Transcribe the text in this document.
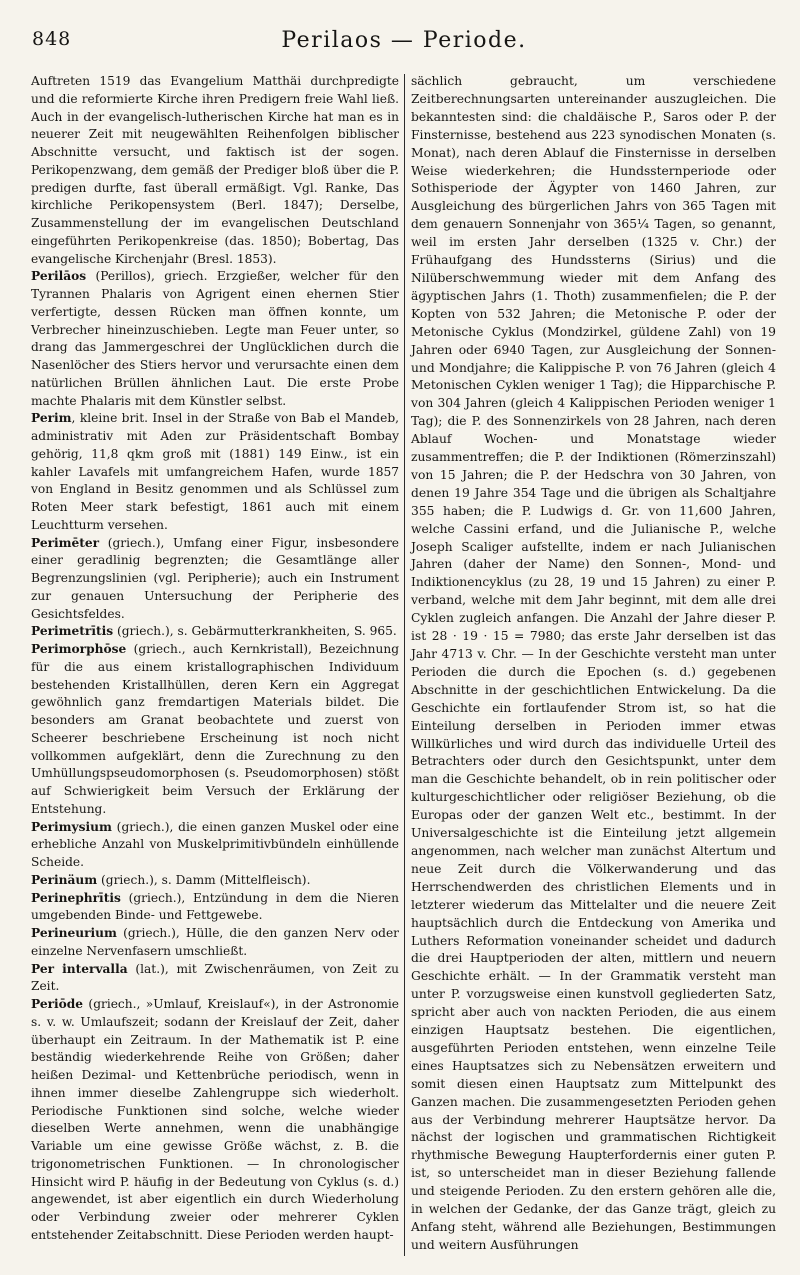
848	Perilaos — Periode.

Auftreten 1519 das Evangelium Matthäi durchpredigte und die reformierte Kirche ihren Predigern freie Wahl ließ. Auch in der evangelisch-lutherischen Kirche hat man es in neuerer Zeit mit neugewählten Reihenfolgen biblischer Abschnitte versucht, und faktisch ist der sogen. Perikopenzwang, dem gemäß der Prediger bloß über die P. predigen durfte, fast überall ermäßigt. Vgl. Ranke, Das kirchliche Perikopensystem (Berl. 1847); Derselbe, Zusammenstellung der im evangelischen Deutschland eingeführten Perikopenkreise (das. 1850); Bobertag, Das evangelische Kirchenjahr (Bresl. 1853).

Perilāos (Perillos), griech. Erzgießer, welcher für den Tyrannen Phalaris von Agrigent einen ehernen Stier verfertigte, dessen Rücken man öffnen konnte, um Verbrecher hineinzuschieben. Legte man Feuer unter, so drang das Jammergeschrei der Unglücklichen durch die Nasenlöcher des Stiers hervor und verursachte einen dem natürlichen Brüllen ähnlichen Laut. Die erste Probe machte Phalaris mit dem Künstler selbst.

Perim, kleine brit. Insel in der Straße von Bab el Mandeb, administrativ mit Aden zur Präsidentschaft Bombay gehörig, 11,8 qkm groß mit (1881) 149 Einw., ist ein kahler Lavafels mit umfangreichem Hafen, wurde 1857 von England in Besitz genommen und als Schlüssel zum Roten Meer stark befestigt, 1861 auch mit einem Leuchtturm versehen.

Perimēter (griech.), Umfang einer Figur, insbesondere einer geradlinig begrenzten; die Gesamtlänge aller Begrenzungslinien (vgl. Peripherie); auch ein Instrument zur genauen Untersuchung der Peripherie des Gesichtsfeldes.

Perimetrītis (griech.), s. Gebärmutterkrankheiten, S. 965.

Perimorphōse (griech., auch Kernkristall), Bezeichnung für die aus einem kristallographischen Individuum bestehenden Kristallhüllen, deren Kern ein Aggregat gewöhnlich ganz fremdartigen Materials bildet. Die besonders am Granat beobachtete und zuerst von Scheerer beschriebene Erscheinung ist noch nicht vollkommen aufgeklärt, denn die Zurechnung zu den Umhüllungspseudomorphosen (s. Pseudomorphosen) stößt auf Schwierigkeit beim Versuch der Erklärung der Entstehung.

Perimysium (griech.), die einen ganzen Muskel oder eine erhebliche Anzahl von Muskelprimitivbündeln einhüllende Scheide.

Perinäum (griech.), s. Damm (Mittelfleisch).

Perinephrītis (griech.), Entzündung in dem die Nieren umgebenden Binde- und Fettgewebe.

Perineurium (griech.), Hülle, die den ganzen Nerv oder einzelne Nervenfasern umschließt.

Per intervalla (lat.), mit Zwischenräumen, von Zeit zu Zeit.

Periōde (griech., »Umlauf, Kreislauf«), in der Astronomie s. v. w. Umlaufszeit; sodann der Kreislauf der Zeit, daher überhaupt ein Zeitraum. In der Mathematik ist P. eine beständig wiederkehrende Reihe von Größen; daher heißen Dezimal- und Kettenbrüche periodisch, wenn in ihnen immer dieselbe Zahlengruppe sich wiederholt. Periodische Funktionen sind solche, welche wieder dieselben Werte annehmen, wenn die unabhängige Variable um eine gewisse Größe wächst, z. B. die trigonometrischen Funktionen. — In chronologischer Hinsicht wird P. häufig in der Bedeutung von Cyklus (s. d.) angewendet, ist aber eigentlich ein durch Wiederholung oder Verbindung zweier oder mehrerer Cyklen entstehender Zeitabschnitt. Diese Perioden werden haupt-

sächlich gebraucht, um verschiedene Zeitberechnungsarten untereinander auszugleichen. Die bekanntesten sind: die chaldäische P., Saros oder P. der Finsternisse, bestehend aus 223 synodischen Monaten (s. Monat), nach deren Ablauf die Finsternisse in derselben Weise wiederkehren; die Hundssternperiode oder Sothisperiode der Ägypter von 1460 Jahren, zur Ausgleichung des bürgerlichen Jahrs von 365 Tagen mit dem genauern Sonnenjahr von 365¼ Tagen, so genannt, weil im ersten Jahr derselben (1325 v. Chr.) der Frühaufgang des Hundssterns (Sirius) und die Nilüberschwemmung wieder mit dem Anfang des ägyptischen Jahrs (1. Thoth) zusammenfielen; die P. der Kopten von 532 Jahren; die Metonische P. oder der Metonische Cyklus (Mondzirkel, güldene Zahl) von 19 Jahren oder 6940 Tagen, zur Ausgleichung der Sonnen- und Mondjahre; die Kalippische P. von 76 Jahren (gleich 4 Metonischen Cyklen weniger 1 Tag); die Hipparchische P. von 304 Jahren (gleich 4 Kalippischen Perioden weniger 1 Tag); die P. des Sonnenzirkels von 28 Jahren, nach deren Ablauf Wochen- und Monatstage wieder zusammentreffen; die P. der Indiktionen (Römerzinszahl) von 15 Jahren; die P. der Hedschra von 30 Jahren, von denen 19 Jahre 354 Tage und die übrigen als Schaltjahre 355 haben; die P. Ludwigs d. Gr. von 11,600 Jahren, welche Cassini erfand, und die Julianische P., welche Joseph Scaliger aufstellte, indem er nach Julianischen Jahren (daher der Name) den Sonnen-, Mond- und Indiktionencyklus (zu 28, 19 und 15 Jahren) zu einer P. verband, welche mit dem Jahr beginnt, mit dem alle drei Cyklen zugleich anfangen. Die Anzahl der Jahre dieser P. ist 28 · 19 · 15 = 7980; das erste Jahr derselben ist das Jahr 4713 v. Chr. — In der Geschichte versteht man unter Perioden die durch die Epochen (s. d.) gegebenen Abschnitte in der geschichtlichen Entwickelung. Da die Geschichte ein fortlaufender Strom ist, so hat die Einteilung derselben in Perioden immer etwas Willkürliches und wird durch das individuelle Urteil des Betrachters oder durch den Gesichtspunkt, unter dem man die Geschichte behandelt, ob in rein politischer oder kulturgeschichtlicher oder religiöser Beziehung, ob die Europas oder der ganzen Welt etc., bestimmt. In der Universalgeschichte ist die Einteilung jetzt allgemein angenommen, nach welcher man zunächst Altertum und neue Zeit durch die Völkerwanderung und das Herrschendwerden des christlichen Elements und in letzterer wiederum das Mittelalter und die neuere Zeit hauptsächlich durch die Entdeckung von Amerika und Luthers Reformation voneinander scheidet und dadurch die drei Hauptperioden der alten, mittlern und neuern Geschichte erhält. — In der Grammatik versteht man unter P. vorzugsweise einen kunstvoll gegliederten Satz, spricht aber auch von nackten Perioden, die aus einem einzigen Hauptsatz bestehen. Die eigentlichen, ausgeführten Perioden entstehen, wenn einzelne Teile eines Hauptsatzes sich zu Nebensätzen erweitern und somit diesen einen Hauptsatz zum Mittelpunkt des Ganzen machen. Die zusammengesetzten Perioden gehen aus der Verbindung mehrerer Hauptsätze hervor. Da nächst der logischen und grammatischen Richtigkeit rhythmische Bewegung Haupterfordernis einer guten P. ist, so unterscheidet man in dieser Beziehung fallende und steigende Perioden. Zu den erstern gehören alle die, in welchen der Gedanke, der das Ganze trägt, gleich zu Anfang steht, während alle Beziehungen, Bestimmungen und weitern Ausführungen
